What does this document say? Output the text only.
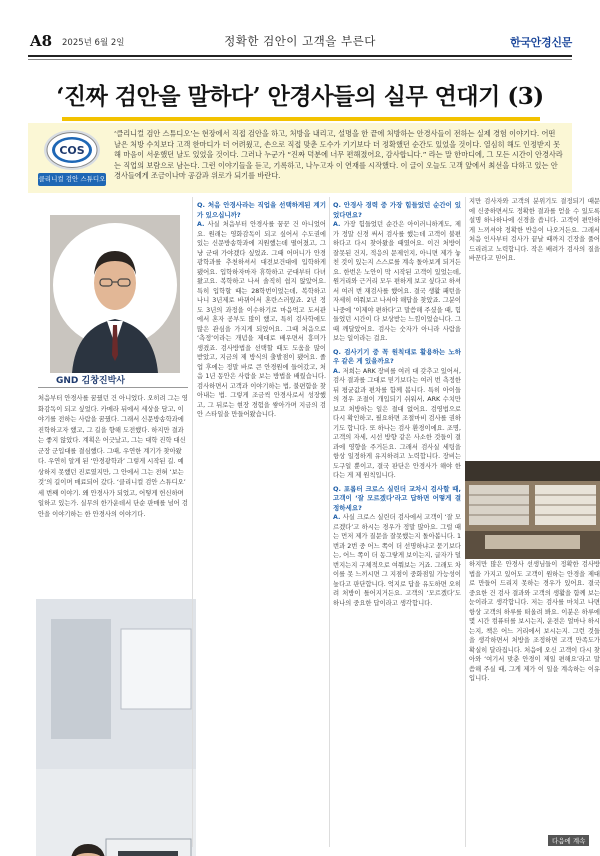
A8 2025년 6월 2일	정확한 검안이 고객을 부른다	한국안경신문
‘진짜 검안을 말하다’ 안경사들의 실무 연대기 (3)
COS
클리니컬 검안 스튜디오
‘클리니컬 검안 스튜디오’는 현장에서 직접 검안을 하고, 처방을 내리고, 설명을 한 끝에 처방하는 안경사들이 전하는 실제 경험 이야기다. 어떤 날은 처방 수치보다 고객 한마디가 더 어려웠고, 손으로 직접 맞춘 도수가 기기보다 더 정확했던 순간도 있었을 것이다. 열심히 해도 인정받지 못해 마음이 서운했던 날도 있었을 것이다. 그러나 누군가 “진짜 덕분에 너무 편해졌어요, 감사합니다.” 라는 말 한마디에, 그 모든 시간이 안경사라는 직업의 보람으로 남는다. 그런 이야기들을 듣고, 기록하고, 나누고자 이 연재를 시작했다. 이 글이 오늘도 고객 앞에서 최선을 다하고 있는 안경사들에게 조금이나마 공감과 위로가 되기를 바란다.
GND 김창진박사
처음부터 안경사를 꿈꿨던 건 아니었다. 오히려 그는 영화감독이 되고 싶었다. 카메라 뒤에서 세상을 담고, 이야기를 전하는 사람을 꿈꿨다. 그래서 신문방송학과에 진학하고자 했고, 그 길을 향해 도전했다. 하지만 결과는 좋지 않았다. 계획은 어긋났고, 그는 대학 진학 대신 군장 군입대를 결심했다. 그때, 우연한 계기가 찾아왔다. 우연히 알게 된 ‘안경광학과’ 그렇게 시작된 길. 예상하지 못했던 진로였지만, 그 안에서 그는 전혀 ‘보는 것’의 길이며 매료되어 갔다. ‘클리니컬 검안 스튜디오’ 세 번째 이야기. 왜 안경사가 되었고, 어떻게 헌신하며 일하고 있는가. 실무의 한가운데서 단순 판매를 넘어 검안을 이야기하는 한 안경사의 이야기다.
Q. 처음 안경사라는 직업을 선택하게된 계기가 있으십니까?
A. 사실 처음부터 안경사를 꿈꾼 건 아니었어요. 원래는 영화감독이 되고 싶어서 수도권에 있는 신문방송학과에 지원했는데 떨어졌고, 그냥 군대 가야겠다 싶었죠. 그때 어머니가 안경광학과를 추천하셔서 대전보건대에 입학하게 됐어요. 입학하자마자 휴학하고 군대부터 다녀왔고요. 복학하고 나서 솔직히 쉽지 않았어요. 특히 입학할 때는 28학번이었는데, 복학하고 나니 3년제로 바뀌어서 혼란스러웠죠. 2년 정도 3년의 과정을 이수하기로 마음먹고 도서관에서 혼자 공부도 많이 했고, 특히 검사학에도 많은 관심을 가지게 되었어요. 그때 처음으로 ‘측정’이라는 개념을 제대로 배우면서 흥미가 생겼죠. 검사방법을 선택할 때도 도움을 많이 받았고, 지금의 제 방식의 출발점이 됐어요. 졸업 후에는 정말 바로 큰 안경원에 들어갔고, 처음 1년 동안은 사람을 보는 방법을 배웠습니다. 검사하면서 고객과 이야기하는 법, 불편함을 찾아내는 법. 그렇게 조금씩 안경사로서 성장했고, 그 뒤로는 현장 경험을 쌓아가며 지금의 검안 스타일을 만들어왔습니다.
Q. 안경사 경력 중 가장 힘들었던 순간이 있었다면요?
A. 가장 힘들었던 순간은 아이러니하게도, 제가 정말 신경 써서 검사를 했는데 고객이 불편하다고 다시 찾아왔을 때였어요. 이건 처방이 잘못된 건지, 적응의 문제인지, 아니면 제가 놓친 것이 있는지 스스로를 계속 돌아보게 되거든요. 한번은 노안이 막 시작된 고객이 있었는데, 원거리와 근거리 모두 편하게 보고 싶다고 하셔서 여러 번 재검사를 했어요. 결국 생활 패턴을 자세히 여쭤보고 나서야 해답을 찾았죠. 그분이 나중에 ‘이제야 편하다’고 말씀해 주셨을 때, 힘들었던 시간이 다 보상받는 느낌이었습니다. 그때 깨달았어요. 검사는 숫자가 아니라 사람을 보는 일이라는 걸요.
Q. 검사기기 중 꼭 원칙대로 활용하는 노하우 같은 게 있을까요?
A. 저희는 ARK 장비를 여러 대 갖추고 있어서, 검사 결과를 그대로 믿기보다는 여러 번 측정한 뒤 평균값과 편차를 함께 봅니다. 특히 아이들의 경우 조절이 개입되기 쉬워서, ARK 수치만 보고 처방하는 일은 절대 없어요. 검영법으로 다시 확인하고, 필요하면 조절마비 검사를 권하기도 합니다. 또 하나는 검사 환경이에요. 조명, 고객의 자세, 시선 방향 같은 사소한 것들이 결과에 영향을 주거든요. 그래서 검사실 세팅을 항상 일정하게 유지하려고 노력합니다. 장비는 도구일 뿐이고, 결국 판단은 안경사가 해야 한다는 게 제 원칙입니다.
Q. 포롭터 크로스 실린더 교차시 검사할 때, 고객이 ‘잘 모르겠다’라고 답하면 어떻게 결정하세요?
A. 사실 크로스 실린더 검사에서 고객이 ‘잘 모르겠다’고 하시는 경우가 정말 많아요. 그럴 때는 먼저 제가 질문을 잘못했는지 돌아봅니다. 1번과 2번 중 어느 쪽이 더 선명하냐고 묻기보다는, 어느 쪽이 더 동그랗게 보이는지, 글자가 덜 번지는지 구체적으로 여쭤보는 거죠. 그래도 차이를 못 느끼시면 그 지점이 중화점일 가능성이 높다고 판단합니다. 억지로 답을 유도하면 오히려 처방이 틀어지거든요. 고객의 ‘모르겠다’도 하나의 중요한 답이라고 생각합니다.
지만 검사자와 고객의 분위기도 결정되기 때문에 신중하면서도 정확한 결과를 얻을 수 있도록 설명 하나하나에 신경을 씁니다. 고객이 편안하게 느끼셔야 정확한 반응이 나오거든요. 그래서 처음 인사부터 검사가 끝날 때까지 긴장을 풀어드리려고 노력합니다. 작은 배려가 검사의 질을 바꾼다고 믿어요.
하지만 많은 안경사 선생님들이 정확한 검사방법을 가지고 있어도 고객이 원하는 안경을 제대로 만들어 드리지 못하는 경우가 있어요. 결국 중요한 건 검사 결과와 고객의 생활을 함께 보는 눈이라고 생각합니다. 저는 검사를 마치고 나면 항상 고객의 하루를 떠올려 봐요. 이분은 하루에 몇 시간 컴퓨터를 보시는지, 운전은 얼마나 하시는지, 책은 어느 거리에서 보시는지. 그런 것들을 생각하면서 처방을 조정하면 고객 만족도가 확실히 달라집니다. 처음에 오신 고객이 다시 찾아와 ‘여기서 맞춘 안경이 제일 편해요’라고 말씀해 주실 때, 그게 제가 이 일을 계속하는 이유입니다.
다음에 계속
